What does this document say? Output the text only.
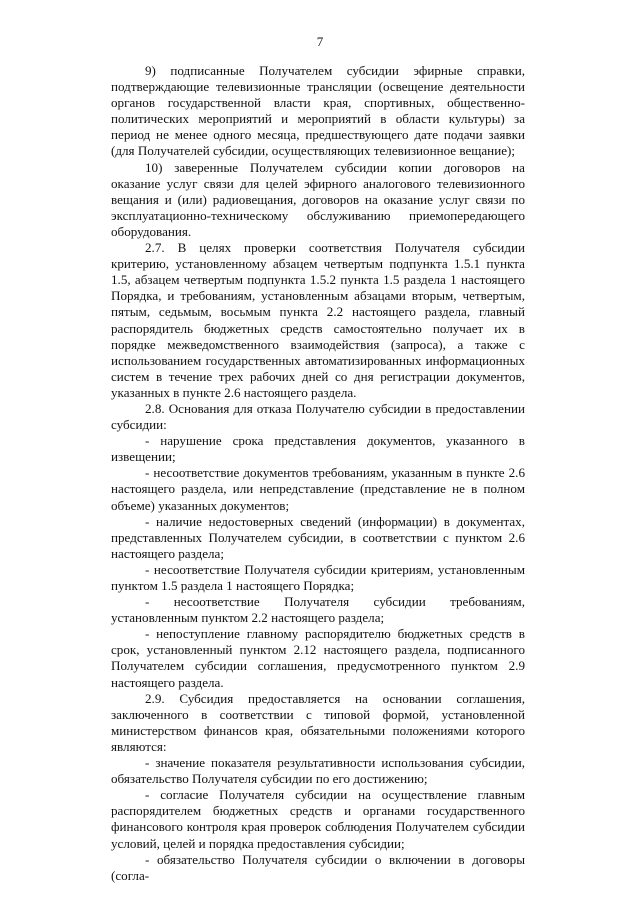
7

9) подписанные Получателем субсидии эфирные справки, подтверждающие телевизионные трансляции (освещение деятельности органов государственной власти края, спортивных, общественно-политических мероприятий и мероприятий в области культуры) за период не менее одного месяца, предшествующего дате подачи заявки (для Получателей субсидии, осуществляющих телевизионное вещание);

10) заверенные Получателем субсидии копии договоров на оказание услуг связи для целей эфирного аналогового телевизионного вещания и (или) радиовещания, договоров на оказание услуг связи по эксплуатационно-техническому обслуживанию приемопередающего оборудования.

2.7. В целях проверки соответствия Получателя субсидии критерию, установленному абзацем четвертым подпункта 1.5.1 пункта 1.5, абзацем четвертым подпункта 1.5.2 пункта 1.5 раздела 1 настоящего Порядка, и требованиям, установленным абзацами вторым, четвертым, пятым, седьмым, восьмым пункта 2.2 настоящего раздела, главный распорядитель бюджетных средств самостоятельно получает их в порядке межведомственного взаимодействия (запроса), а также с использованием государственных автоматизированных информационных систем в течение трех рабочих дней со дня регистрации документов, указанных в пункте 2.6 настоящего раздела.

2.8. Основания для отказа Получателю субсидии в предоставлении субсидии:

- нарушение срока представления документов, указанного в извещении;

- несоответствие документов требованиям, указанным в пункте 2.6 настоящего раздела, или непредставление (представление не в полном объеме) указанных документов;

- наличие недостоверных сведений (информации) в документах, представленных Получателем субсидии, в соответствии с пунктом 2.6 настоящего раздела;

- несоответствие Получателя субсидии критериям, установленным пунктом 1.5 раздела 1 настоящего Порядка;

- несоответствие Получателя субсидии требованиям, установленным пунктом 2.2 настоящего раздела;

- непоступление главному распорядителю бюджетных средств в срок, установленный пунктом 2.12 настоящего раздела, подписанного Получателем субсидии соглашения, предусмотренного пунктом 2.9 настоящего раздела.

2.9. Субсидия предоставляется на основании соглашения, заключенного в соответствии с типовой формой, установленной министерством финансов края, обязательными положениями которого являются:

- значение показателя результативности использования субсидии, обязательство Получателя субсидии по его достижению;

- согласие Получателя субсидии на осуществление главным распорядителем бюджетных средств и органами государственного финансового контроля края проверок соблюдения Получателем субсидии условий, целей и порядка предоставления субсидии;

- обязательство Получателя субсидии о включении в договоры (согла-
